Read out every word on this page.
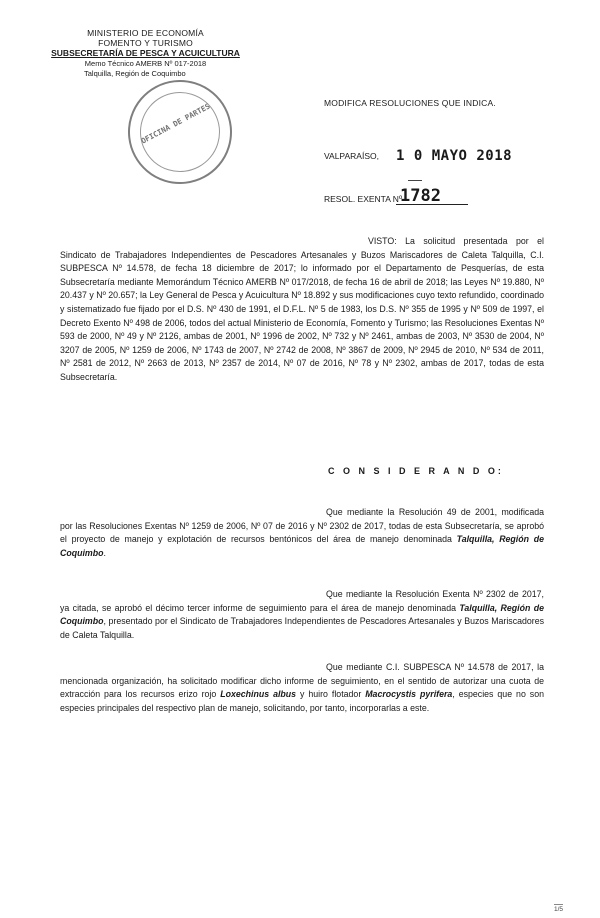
MINISTERIO DE ECONOMÍA
FOMENTO Y TURISMO
SUBSECRETARÍA DE PESCA Y ACUICULTURA
Memo Técnico AMERB Nº 017-2018
Talquilla, Región de Coquimbo
OFICINA DE PARTES	MODIFICA RESOLUCIONES QUE INDICA.
VALPARAÍSO, 1 0 MAYO 2018
RESOL. EXENTA Nº
1782
VISTO: La solicitud presentada por el Sindicato de Trabajadores Independientes de Pescadores Artesanales y Buzos Mariscadores de Caleta Talquilla, C.I. SUBPESCA Nº 14.578, de fecha 18 diciembre de 2017; lo informado por el Departamento de Pesquerías, de esta Subsecretaría mediante Memorándum Técnico AMERB Nº 017/2018, de fecha 16 de abril de 2018; las Leyes Nº 19.880, Nº 20.437 y Nº 20.657; la Ley General de Pesca y Acuicultura Nº 18.892 y sus modificaciones cuyo texto refundido, coordinado y sistematizado fue fijado por el D.S. Nº 430 de 1991, el D.F.L. Nº 5 de 1983, los D.S. Nº 355 de 1995 y Nº 509 de 1997, el Decreto Exento Nº 498 de 2006, todos del actual Ministerio de Economía, Fomento y Turismo; las Resoluciones Exentas Nº 593 de 2000, Nº 49 y Nº 2126, ambas de 2001, Nº 1996 de 2002, Nº 732 y Nº 2461, ambas de 2003, Nº 3530 de 2004, Nº 3207 de 2005, Nº 1259 de 2006, Nº 1743 de 2007, Nº 2742 de 2008, Nº 3867 de 2009, Nº 2945 de 2010, Nº 534 de 2011, Nº 2581 de 2012, Nº 2663 de 2013, Nº 2357 de 2014, Nº 07 de 2016, Nº 78 y Nº 2302, ambas de 2017, todas de esta Subsecretaría.
C O N S I D E R A N D O:
Que mediante la Resolución 49 de 2001, modificada por las Resoluciones Exentas Nº 1259 de 2006, Nº 07 de 2016 y Nº 2302 de 2017, todas de esta Subsecretaría, se aprobó el proyecto de manejo y explotación de recursos bentónicos del área de manejo denominada Talquilla, Región de Coquimbo.
Que mediante la Resolución Exenta Nº 2302 de 2017, ya citada, se aprobó el décimo tercer informe de seguimiento para el área de manejo denominada Talquilla, Región de Coquimbo, presentado por el Sindicato de Trabajadores Independientes de Pescadores Artesanales y Buzos Mariscadores de Caleta Talquilla.
Que mediante C.I. SUBPESCA Nº 14.578 de 2017, la mencionada organización, ha solicitado modificar dicho informe de seguimiento, en el sentido de autorizar una cuota de extracción para los recursos erizo rojo Loxechinus albus y huiro flotador Macrocystis pyrifera, especies que no son especies principales del respectivo plan de manejo, solicitando, por tanto, incorporarlas a este.
1/5
